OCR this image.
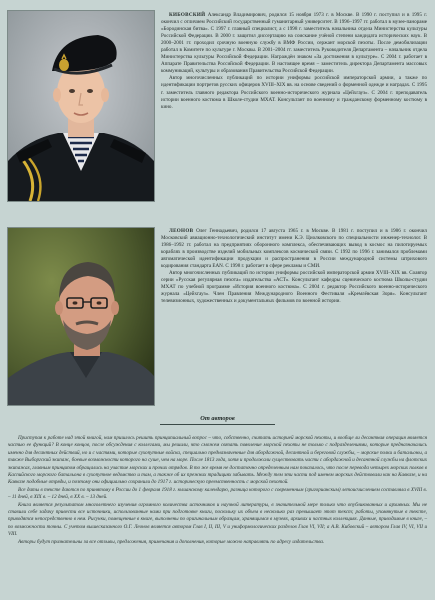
КИБОВСКИЙ Александр Владимирович, родился 15 ноября 1973 г. в Москве. В 1990 г. поступил и в 1995 г. окончил с отличием Российский государственный гуманитарный университет. В 1996–1997 гг. работал в музее-панораме «Бородинская битва». С 1997 г. главный специалист, а с 1998 г. заместитель начальника отдела Министерства культуры Российской Федерации. В 2000 г. защитил диссертацию на соискание учёной степени кандидата исторических наук. В 2000–2001 гг. проходил срочную военную службу в ВМФ России, сержант морской пехоты. После демобилизации работал в Комитете по культуре г. Москвы. В 2001–2004 гг. заместитель Руководителя Департамента – начальник отдела Министерства культуры Российской Федерации. Награждён знаком «За достижения в культуре». С 2004 г. работает в Аппарате Правительства Российской Федерации. В настоящее время – заместитель директора Департамента массовых коммуникаций, культуры и образования Правительства Российской Федерации.

Автор многочисленных публикаций по истории униформы российской императорской армии, а также по идентификации портретов русских офицеров XVIII–XIX вв. на основе сведений о форменной одежде и наградах. С 1995 г. заместитель главного редактора Российского военно-исторического журнала «Цейхгауз». С 2004 г. преподаватель истории военного костюма в Школе-студии МХАТ. Консультант по военному и гражданскому форменному костюму в кино.

ЛЕОНОВ Олег Геннадьевич, родился 17 августа 1965 г. в Москве. В 1981 г. поступил и в 1986 г. окончил Московский авиационно-технологический институт имени К.Э. Циолковского по специальности инженер-технолог. В 1986–1992 гг. работал на предприятиях оборонного комплекса, обеспечивающих вывод в космос на пилотируемых кораблях в производстве изделий мобильных комплексов космической связи. С 1992 по 1996 г. занимался проблемами автоматической идентификации продукции и распространения в России международной системы штрихового кодирования стандарта EAN. С 1998 г. работает в сфере рекламы и СМИ.

Автор многочисленных публикаций по истории униформы российской императорской армии XVIII–XIX вв. Соавтор серии «Русская регулярная пехота» издательства «АСТ». Консультант кафедры сценического костюма Школы-студии МХАТ по учебной программе «История военного костюма». С 2004 г. редактор Российского военно-исторического журнала «Цейхгауз». Член Правления Международного Военного Фестиваля «Кремлёвская Зоря». Консультант телевизионных, художественных и документальных фильмов по военной истории.

От авторов

Приступая к работе над этой книгой, нам пришлось решить принципиальный вопрос – что, собственно, считать историей морской пехоты, и вообще ли десантная операция является частью ее функций? В конце концов, после обсуждения с коллегами, мы решили, что сможем связать появление морской пехоты не только с подразделениями, которые предназначались именно для десантных действий, но и с частями, которые сухопутные войска, специально предназначенные для абордажной, десантной и береговой службы, – морские полки и батальоны, а также Выборгский экипаж, боевые возможности которого на суше, чем на море. После 1813 года, хотя и продолжали существовать части с абордажной и десантной службы на флотских экипажах, главным принципом обращались на участие морских и прочих отрядов. В то же время не достаточно определенным нам показалось, что после перевода четырех морских полков в Каспийского морского батальона в сухопутное ведомство и там, а также об их прежних традициях забывать. Между тем эти части под именем морских действовали как на Кавказе, и на Кавказе подобные отряды, и поэтому они официально сохранили до 1917 г. историческую преемственность с морской пехотой.

Все даты в тексте даются по принятому в России до 1 февраля 1918 г. юлианскому календарю, разница которого с современным (григорианским) летоисчислением составляла в XVIII в. – 11 дней, в XIX в. – 12 дней, в XX в. – 13 дней.

Книга является результатом многолетнего изучения огромного количества источников и научной литературы, в значительной мере только что опубликованных и архивных. Мы не ставили себе задачу привести все источники, использованные нами при подготовке книги, поскольку их объем в несколько раз превышает этот текст; работы, упомянутые в тексте, приводятся непосредственно в нем. Рисунки, помещенные в книге, выполнены по оригинальным образцам, хранящимся в музеях, архивах и частных коллекциях. Данные, приводимые в книге, – по возможности точны. С учетом вышесказанного О.Г. Леонов является автором Глав I, II, III, V и униформологических разделов Глав VI, VII; а А.В. Кибовский – автором Глав IV, VI, VII и VIII.

Авторы будут признательны за все отзывы, предложения, примечания и дополнения, которые можно направлять по адресу издательства.
